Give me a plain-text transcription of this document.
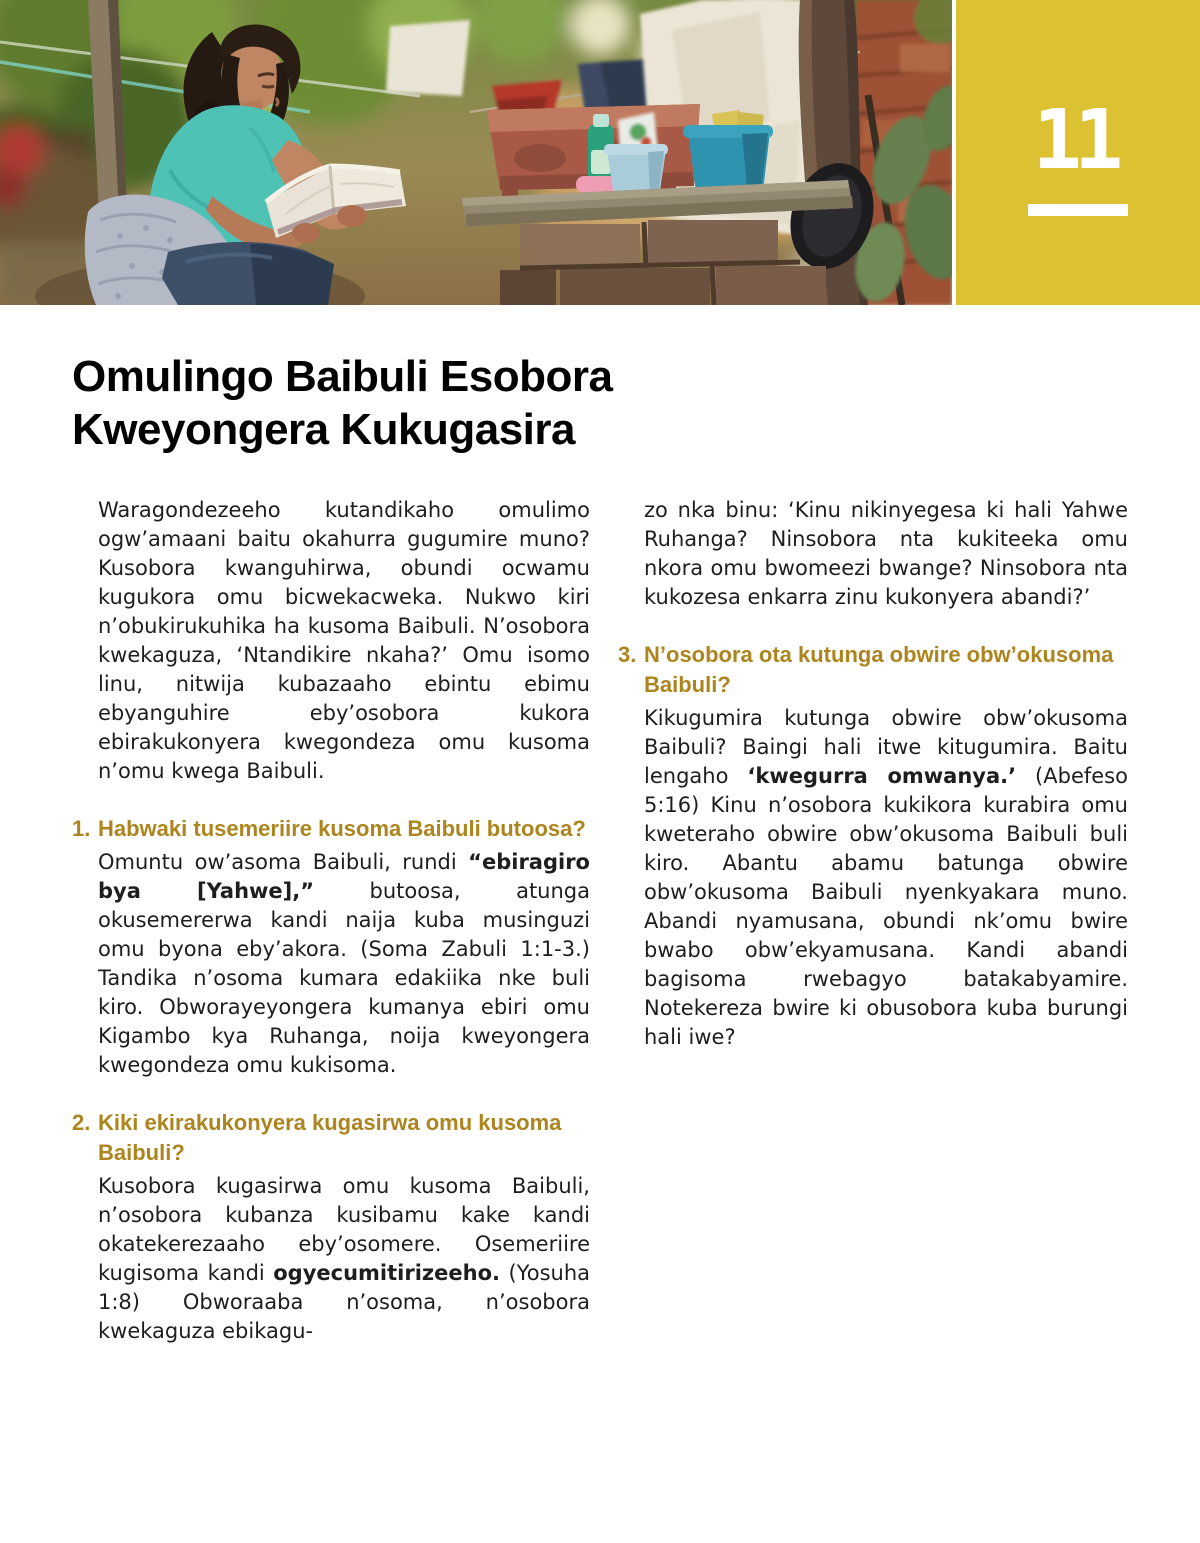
11
Omulingo Baibuli Esobora
Kweyongera Kukugasira

Waragondezeeho kutandikaho omulimo ogw’amaani baitu okahurra gugumire muno? Kusobora kwanguhirwa, obundi ocwamu kugukora omu bicwekacweka. Nukwo kiri n’obukirukuhika ha kusoma Baibuli. N’osobora kwekaguza, ‘Ntandikire nkaha?’ Omu isomo linu, nitwija kubazaaho ebintu ebimu ebyanguhire eby’osobora kukora ebirakukonyera kwegondeza omu kusoma n’omu kwega Baibuli.

1. Habwaki tusemeriire kusoma Baibuli butoosa?

Omuntu ow’asoma Baibuli, rundi “ebiragiro bya [Yahwe],” butoosa, atunga okusemererwa kandi naija kuba musinguzi omu byona eby’akora. (Soma Zabuli 1:1-3.) Tandika n’osoma kumara edakiika nke buli kiro. Obworayeyongera kumanya ebiri omu Kigambo kya Ruhanga, noija kweyongera kwegondeza omu kukisoma.

2. Kiki ekirakukonyera kugasirwa omu kusoma Baibuli?

Kusobora kugasirwa omu kusoma Baibuli, n’osobora kubanza kusibamu kake kandi okatekerezaaho eby’osomere. Osemeriire kugisoma kandi ogyecumitirizeeho. (Yosuha 1:8) Obworaaba n’osoma, n’osobora kwekaguza ebikagu-

zo nka binu: ‘Kinu nikinyegesa ki hali Yahwe Ruhanga? Ninsobora nta kukiteeka omu nkora omu bwomeezi bwange? Ninsobora nta kukozesa enkarra zinu kukonyera abandi?’

3. N’osobora ota kutunga obwire obw’okusoma Baibuli?

Kikugumira kutunga obwire obw’okusoma Baibuli? Baingi hali itwe kitugumira. Baitu lengaho ‘kwegurra omwanya.’ (Abefeso 5:16) Kinu n’osobora kukikora kurabira omu kweteraho obwire obw’okusoma Baibuli buli kiro. Abantu abamu batunga obwire obw’okusoma Baibuli nyenkyakara muno. Abandi nyamusana, obundi nk’omu bwire bwabo obw’ekyamusana. Kandi abandi bagisoma rwebagyo batakabyamire. Notekereza bwire ki obusobora kuba burungi hali iwe?
